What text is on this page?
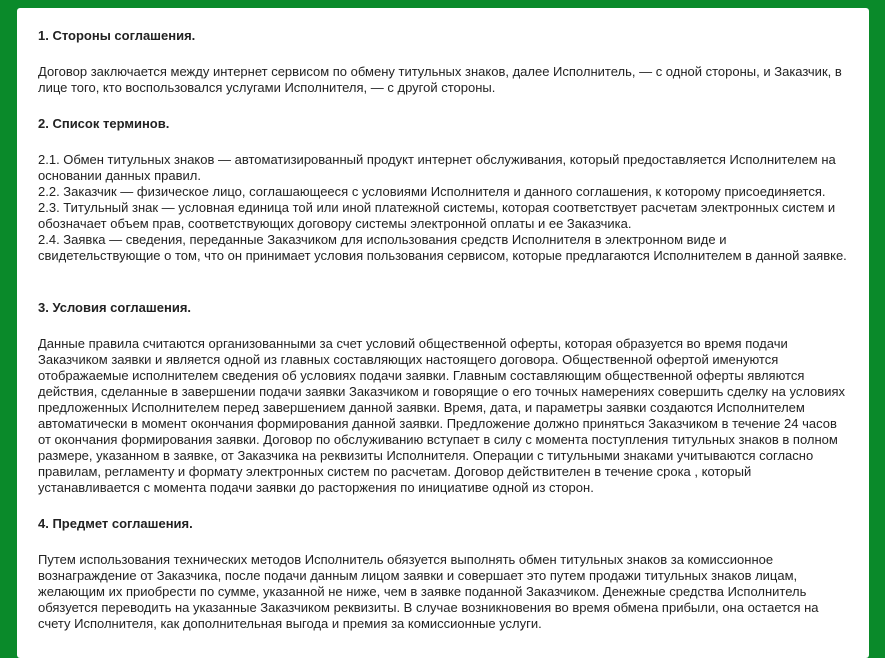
1. Стороны соглашения.

Договор заключается между интернет сервисом по обмену титульных знаков, далее Исполнитель, — с одной стороны, и Заказчик, в лице того, кто воспользовался услугами Исполнителя, — с другой стороны.

2. Список терминов.
2.1. Обмен титульных знаков — автоматизированный продукт интернет обслуживания, который предоставляется Исполнителем на основании данных правил.
2.2. Заказчик — физическое лицо, соглашающееся с условиями Исполнителя и данного соглашения, к которому присоединяется.
2.3. Титульный знак — условная единица той или иной платежной системы, которая соответствует расчетам электронных систем и обозначает объем прав, соответствующих договору системы электронной оплаты и ее Заказчика.
2.4. Заявка — сведения, переданные Заказчиком для использования средств Исполнителя в электронном виде и свидетельствующие о том, что он принимает условия пользования сервисом, которые предлагаются Исполнителем в данной заявке.
3. Условия соглашения.

Данные правила считаются организованными за счет условий общественной оферты, которая образуется во время подачи Заказчиком заявки и является одной из главных составляющих настоящего договора. Общественной офертой именуются отображаемые исполнителем сведения об условиях подачи заявки. Главным составляющим общественной оферты являются действия, сделанные в завершении подачи заявки Заказчиком и говорящие о его точных намерениях совершить сделку на условиях предложенных Исполнителем перед завершением данной заявки. Время, дата, и параметры заявки создаются Исполнителем автоматически в момент окончания формирования данной заявки. Предложение должно приняться Заказчиком в течение 24 часов от окончания формирования заявки. Договор по обслуживанию вступает в силу с момента поступления титульных знаков в полном размере, указанном в заявке, от Заказчика на реквизиты Исполнителя. Операции с титульными знаками учитываются согласно правилам, регламенту и формату электронных систем по расчетам. Договор действителен в течение срока , который устанавливается с момента подачи заявки до расторжения по инициативе одной из сторон.

4. Предмет соглашения.

Путем использования технических методов Исполнитель обязуется выполнять обмен титульных знаков за комиссионное вознаграждение от Заказчика, после подачи данным лицом заявки и совершает это путем продажи титульных знаков лицам, желающим их приобрести по сумме, указанной не ниже, чем в заявке поданной Заказчиком. Денежные средства Исполнитель обязуется переводить на указанные Заказчиком реквизиты. В случае возникновения во время обмена прибыли, она остается на счету Исполнителя, как дополнительная выгода и премия за комиссионные услуги.
